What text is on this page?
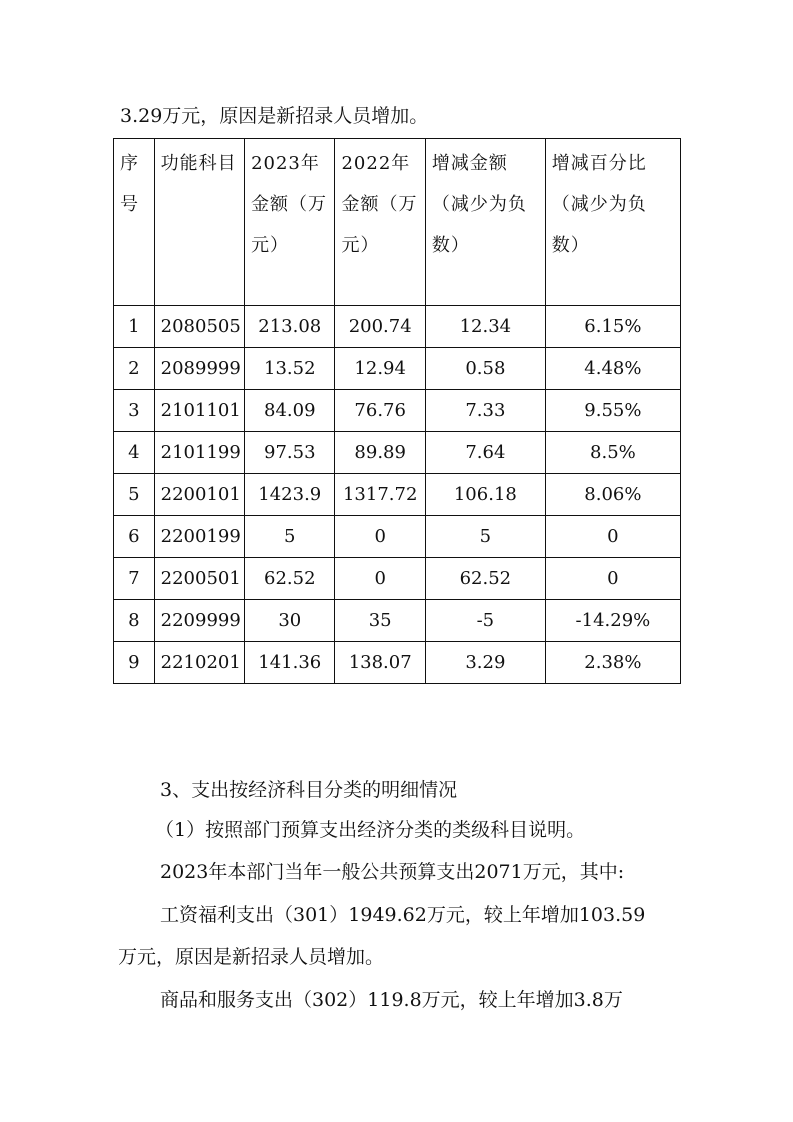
3.29万元，原因是新招录人员增加。
序号	功能科目	2023年金额（万元）	2022年金额（万元）	增减金额（减少为负数）	增减百分比（减少为负数）
1	2080505	213.08	200.74	12.34	6.15%
2	2089999	13.52	12.94	0.58	4.48%
3	2101101	84.09	76.76	7.33	9.55%
4	2101199	97.53	89.89	7.64	8.5%
5	2200101	1423.9	1317.72	106.18	8.06%
6	2200199	5	0	5	0
7	2200501	62.52	0	62.52	0
8	2209999	30	35	-5	-14.29%
9	2210201	141.36	138.07	3.29	2.38%
3、支出按经济科目分类的明细情况
（1）按照部门预算支出经济分类的类级科目说明。
2023年本部门当年一般公共预算支出2071万元，其中:
工资福利支出（301）1949.62万元，较上年增加103.59
万元，原因是新招录人员增加。
商品和服务支出（302）119.8万元，较上年增加3.8万
